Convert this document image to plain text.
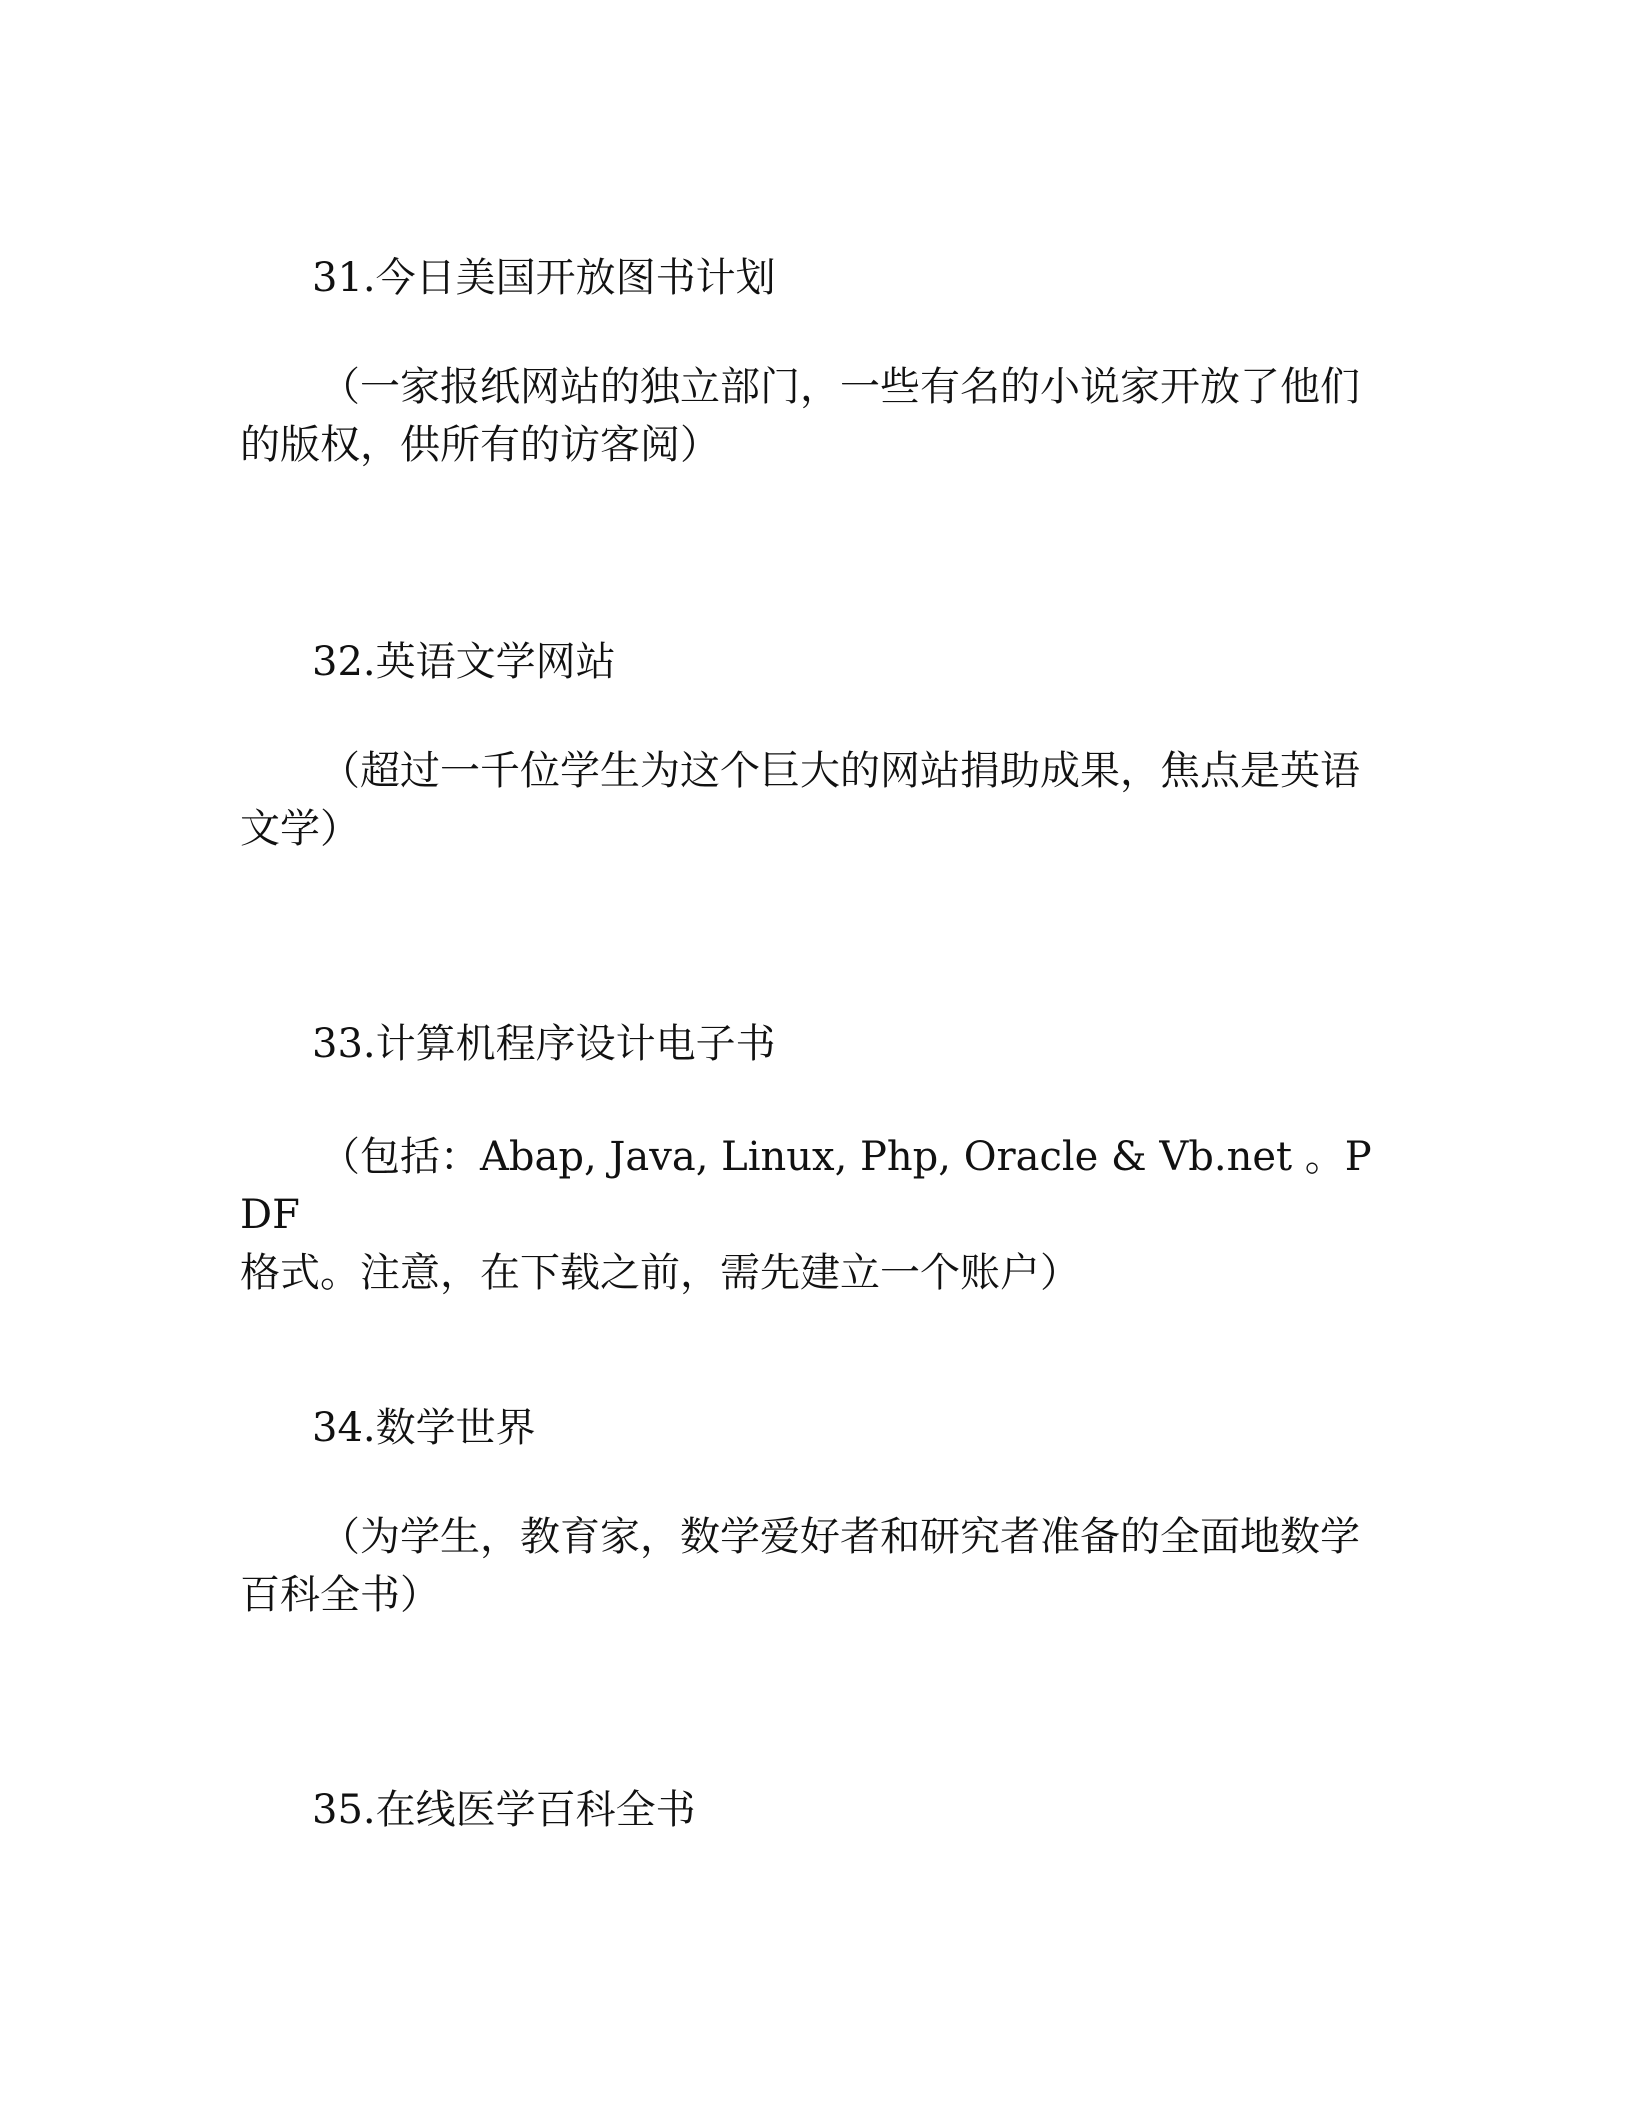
31.今日美国开放图书计划

（一家报纸网站的独立部门，一些有名的小说家开放了他们
的版权，供所有的访客阅）

32.英语文学网站

（超过一千位学生为这个巨大的网站捐助成果，焦点是英语
文学）

33.计算机程序设计电子书

（包括：Abap, Java, Linux, Php, Oracle & Vb.net 。PDF
格式。注意，在下载之前，需先建立一个账户）

34.数学世界

（为学生，教育家，数学爱好者和研究者准备的全面地数学
百科全书）

35.在线医学百科全书
